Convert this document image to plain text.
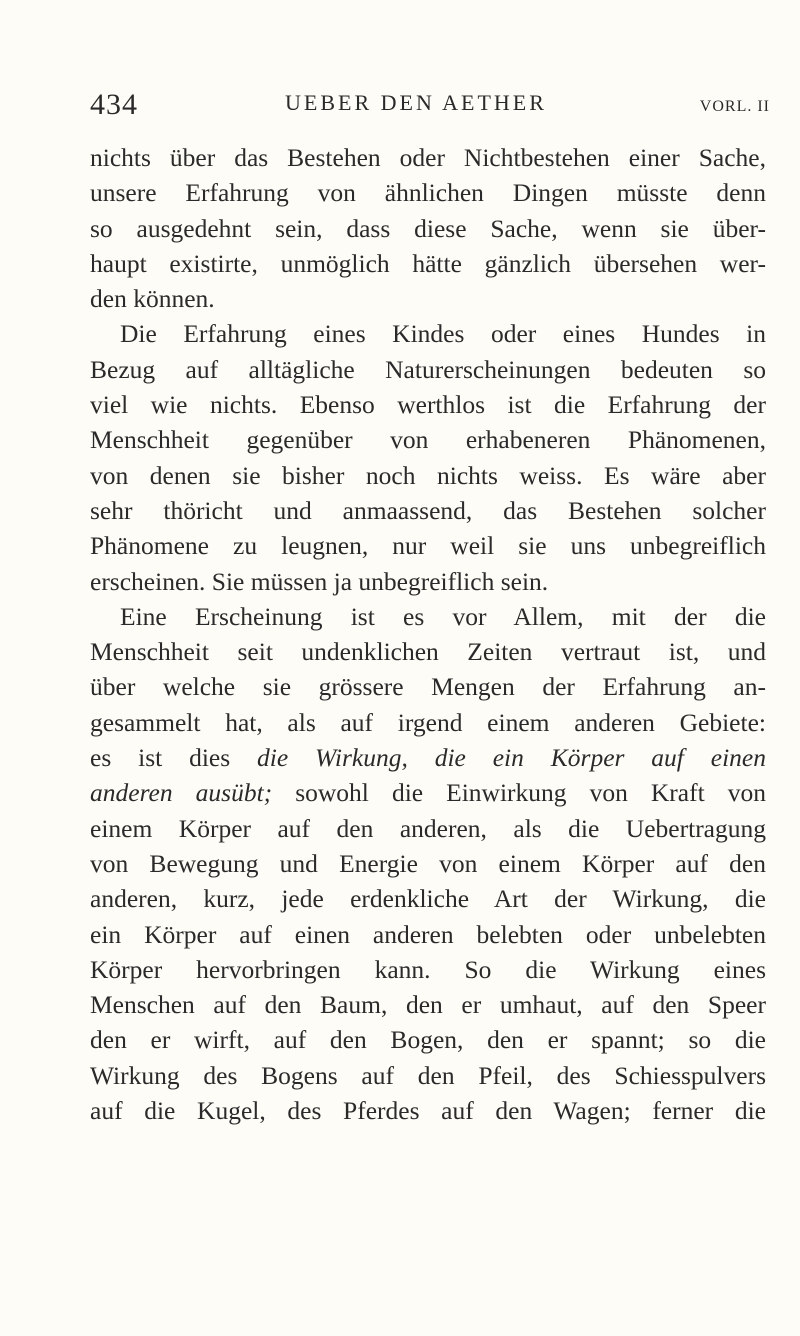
434	UEBER DEN AETHER	VORL. II
nichts über das Bestehen oder Nichtbestehen einer Sache,
unsere Erfahrung von ähnlichen Dingen müsste denn
so ausgedehnt sein, dass diese Sache, wenn sie über-
haupt existirte, unmöglich hätte gänzlich übersehen wer-
den können.
Die Erfahrung eines Kindes oder eines Hundes in
Bezug auf alltägliche Naturerscheinungen bedeuten so
viel wie nichts. Ebenso werthlos ist die Erfahrung der
Menschheit gegenüber von erhabeneren Phänomenen,
von denen sie bisher noch nichts weiss. Es wäre aber
sehr thöricht und anmaassend, das Bestehen solcher
Phänomene zu leugnen, nur weil sie uns unbegreiflich
erscheinen. Sie müssen ja unbegreiflich sein.
Eine Erscheinung ist es vor Allem, mit der die
Menschheit seit undenklichen Zeiten vertraut ist, und
über welche sie grössere Mengen der Erfahrung an-
gesammelt hat, als auf irgend einem anderen Gebiete:
es ist dies die Wirkung, die ein Körper auf einen
anderen ausübt; sowohl die Einwirkung von Kraft von
einem Körper auf den anderen, als die Uebertragung
von Bewegung und Energie von einem Körper auf den
anderen, kurz, jede erdenkliche Art der Wirkung, die
ein Körper auf einen anderen belebten oder unbelebten
Körper hervorbringen kann. So die Wirkung eines
Menschen auf den Baum, den er umhaut, auf den Speer
den er wirft, auf den Bogen, den er spannt; so die
Wirkung des Bogens auf den Pfeil, des Schiesspulvers
auf die Kugel, des Pferdes auf den Wagen; ferner die
